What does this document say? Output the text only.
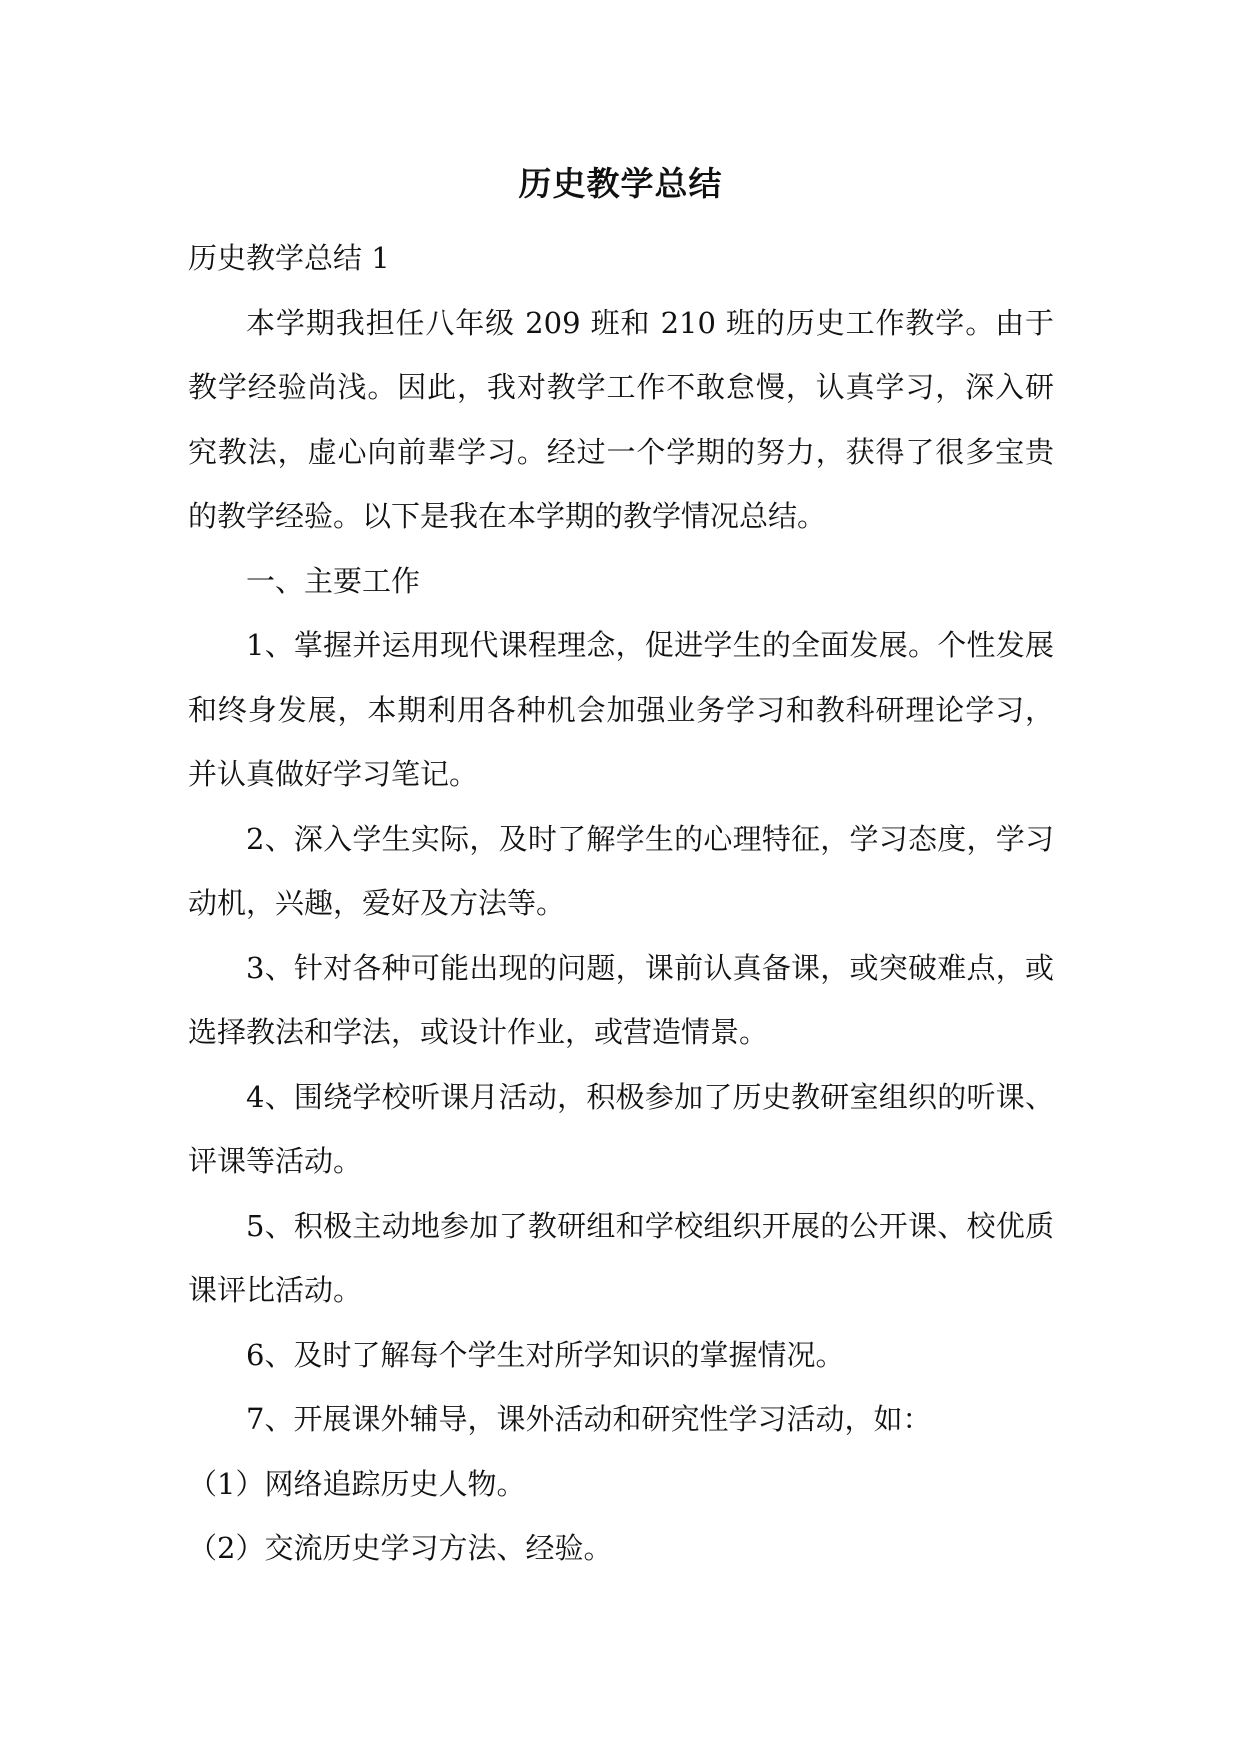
历史教学总结

历史教学总结 1

本学期我担任八年级 209 班和 210 班的历史工作教学。由于教学经验尚浅。因此，我对教学工作不敢怠慢，认真学习，深入研究教法，虚心向前辈学习。经过一个学期的努力，获得了很多宝贵的教学经验。以下是我在本学期的教学情况总结。

一、主要工作

1、掌握并运用现代课程理念，促进学生的全面发展。个性发展和终身发展，本期利用各种机会加强业务学习和教科研理论学习，并认真做好学习笔记。

2、深入学生实际，及时了解学生的心理特征，学习态度，学习动机，兴趣，爱好及方法等。

3、针对各种可能出现的问题，课前认真备课，或突破难点，或选择教法和学法，或设计作业，或营造情景。

4、围绕学校听课月活动，积极参加了历史教研室组织的听课、评课等活动。

5、积极主动地参加了教研组和学校组织开展的公开课、校优质课评比活动。

6、及时了解每个学生对所学知识的掌握情况。

7、开展课外辅导，课外活动和研究性学习活动，如：

（1）网络追踪历史人物。

（2）交流历史学习方法、经验。
